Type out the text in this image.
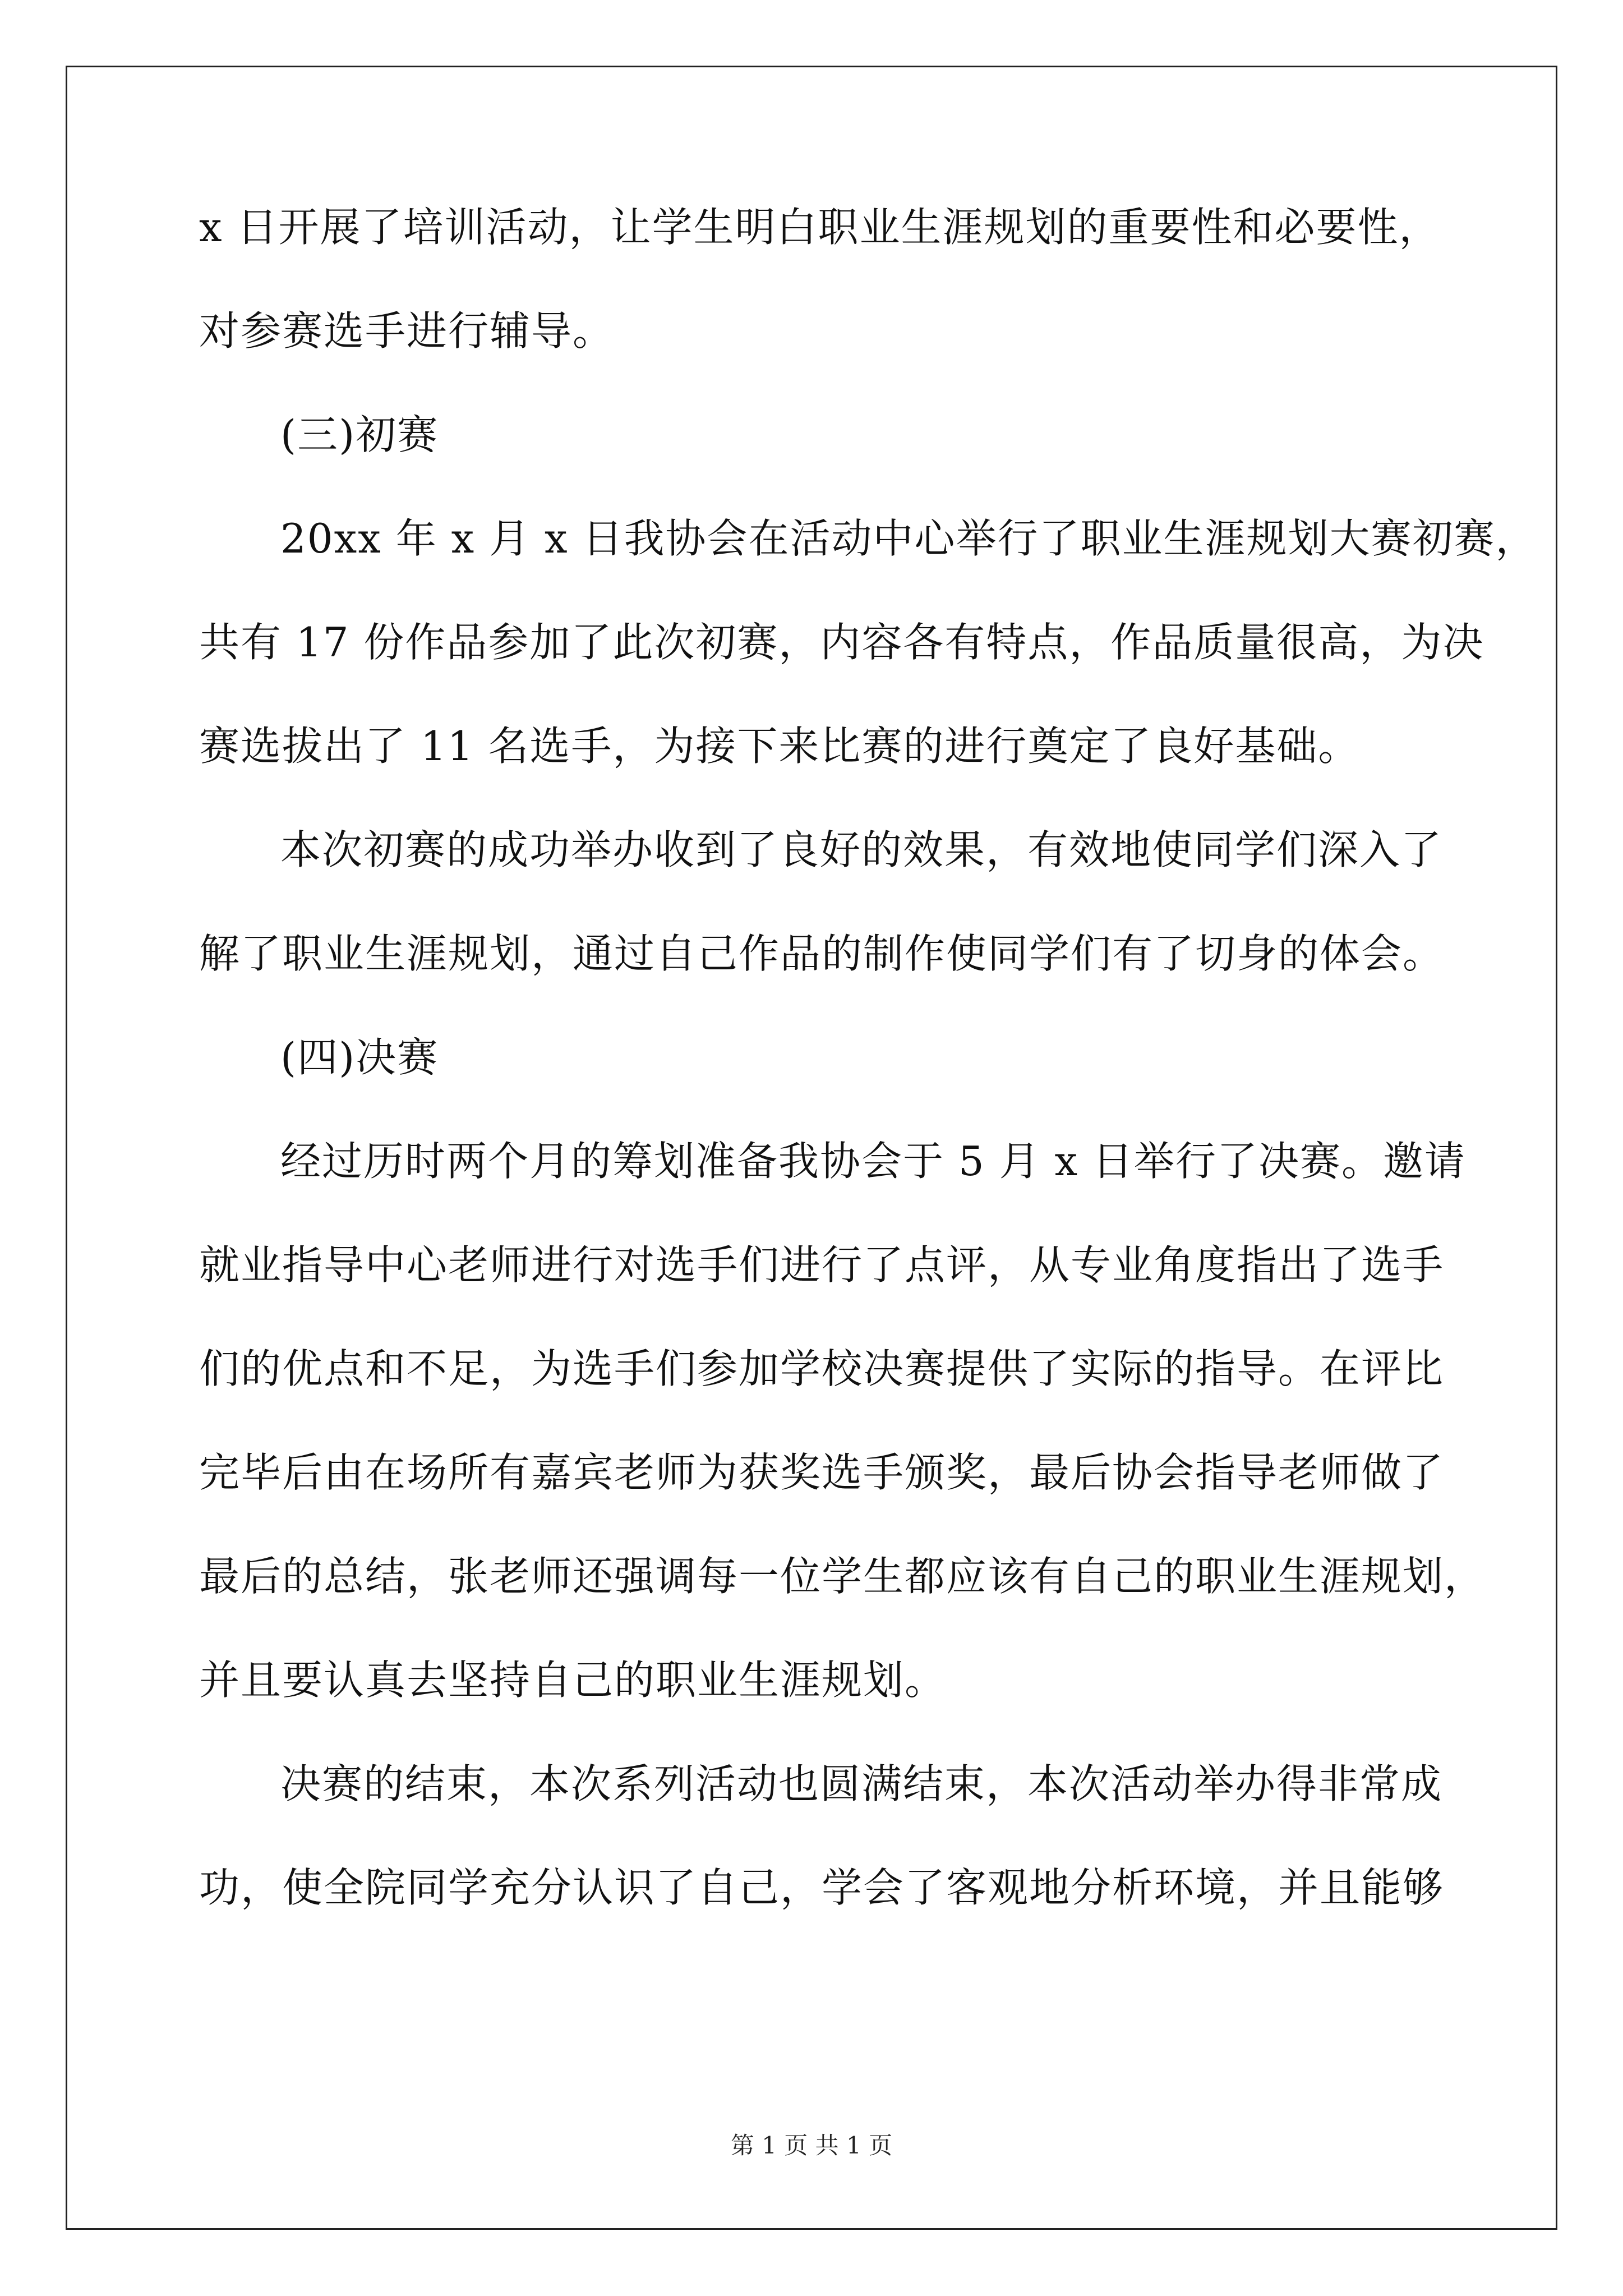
x 日开展了培训活动，让学生明白职业生涯规划的重要性和必要性，
对参赛选手进行辅导。
(三)初赛
20xx 年 x 月 x 日我协会在活动中心举行了职业生涯规划大赛初赛，
共有 17 份作品参加了此次初赛，内容各有特点，作品质量很高，为决
赛选拔出了 11 名选手，为接下来比赛的进行奠定了良好基础。
本次初赛的成功举办收到了良好的效果，有效地使同学们深入了
解了职业生涯规划，通过自己作品的制作使同学们有了切身的体会。
(四)决赛
经过历时两个月的筹划准备我协会于 5 月 x 日举行了决赛。邀请
就业指导中心老师进行对选手们进行了点评，从专业角度指出了选手
们的优点和不足，为选手们参加学校决赛提供了实际的指导。在评比
完毕后由在场所有嘉宾老师为获奖选手颁奖，最后协会指导老师做了
最后的总结，张老师还强调每一位学生都应该有自己的职业生涯规划，
并且要认真去坚持自己的职业生涯规划。
决赛的结束，本次系列活动也圆满结束，本次活动举办得非常成
功，使全院同学充分认识了自己，学会了客观地分析环境，并且能够
第 1 页 共 1 页
